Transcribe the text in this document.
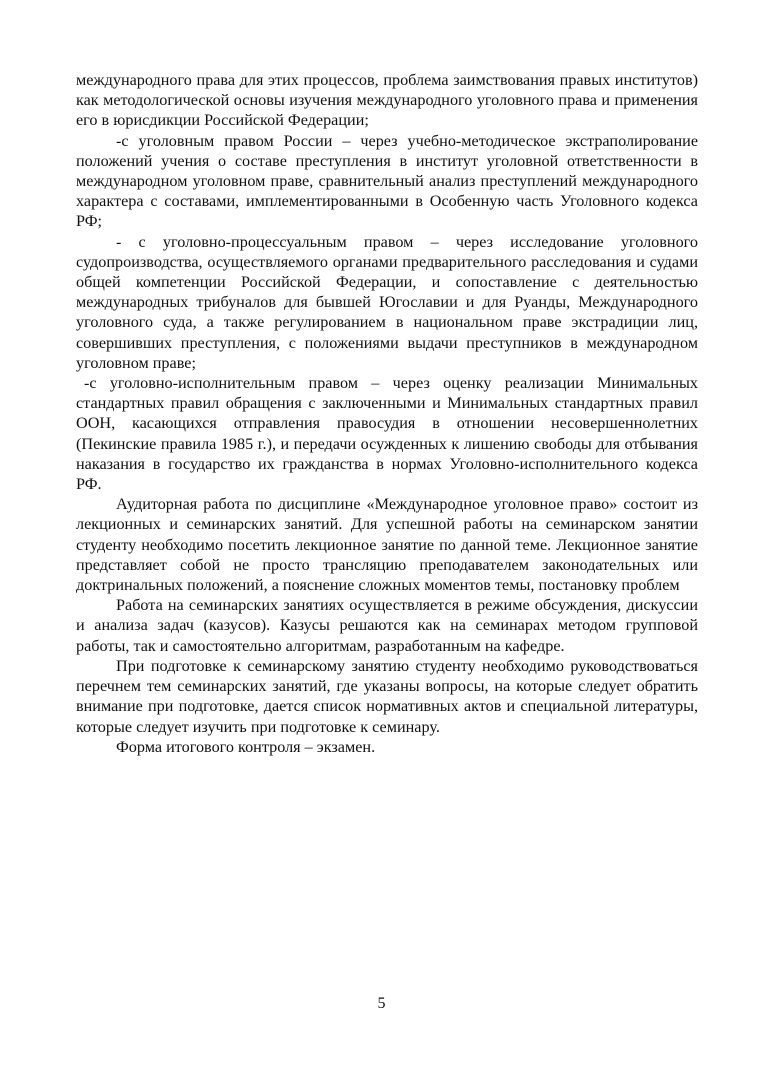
международного права для этих процессов, проблема заимствования правых институтов) как методологической основы изучения международного уголовного права и применения его в юрисдикции Российской Федерации;

-с уголовным правом России – через учебно-методическое экстраполирование положений учения о составе преступления в институт уголовной ответственности в международном уголовном праве, сравнительный анализ преступлений международного характера с составами, имплементированными в Особенную часть Уголовного кодекса РФ;

- с уголовно-процессуальным правом – через исследование уголовного судопроизводства, осуществляемого органами предварительного расследования и судами общей компетенции Российской Федерации, и сопоставление с деятельностью международных трибуналов для бывшей Югославии и для Руанды, Международного уголовного суда, а также регулированием в национальном праве экстрадиции лиц, совершивших преступления, с положениями выдачи преступников в международном уголовном праве;

-с уголовно-исполнительным правом – через оценку реализации Минимальных стандартных правил обращения с заключенными и Минимальных стандартных правил ООН, касающихся отправления правосудия в отношении несовершеннолетних (Пекинские правила 1985 г.), и передачи осужденных к лишению свободы для отбывания наказания в государство их гражданства в нормах Уголовно-исполнительного кодекса РФ.

Аудиторная работа по дисциплине «Международное уголовное право» состоит из лекционных и семинарских занятий. Для успешной работы на семинарском занятии студенту необходимо посетить лекционное занятие по данной теме. Лекционное занятие представляет собой не просто трансляцию преподавателем законодательных или доктринальных положений, а пояснение сложных моментов темы, постановку проблем

Работа на семинарских занятиях осуществляется в режиме обсуждения, дискуссии и анализа задач (казусов). Казусы решаются как на семинарах методом групповой работы, так и самостоятельно алгоритмам, разработанным на кафедре.

При подготовке к семинарскому занятию студенту необходимо руководствоваться перечнем тем семинарских занятий, где указаны вопросы, на которые следует обратить внимание при подготовке, дается список нормативных актов и специальной литературы, которые следует изучить при подготовке к семинару.

Форма итогового контроля – экзамен.

5
